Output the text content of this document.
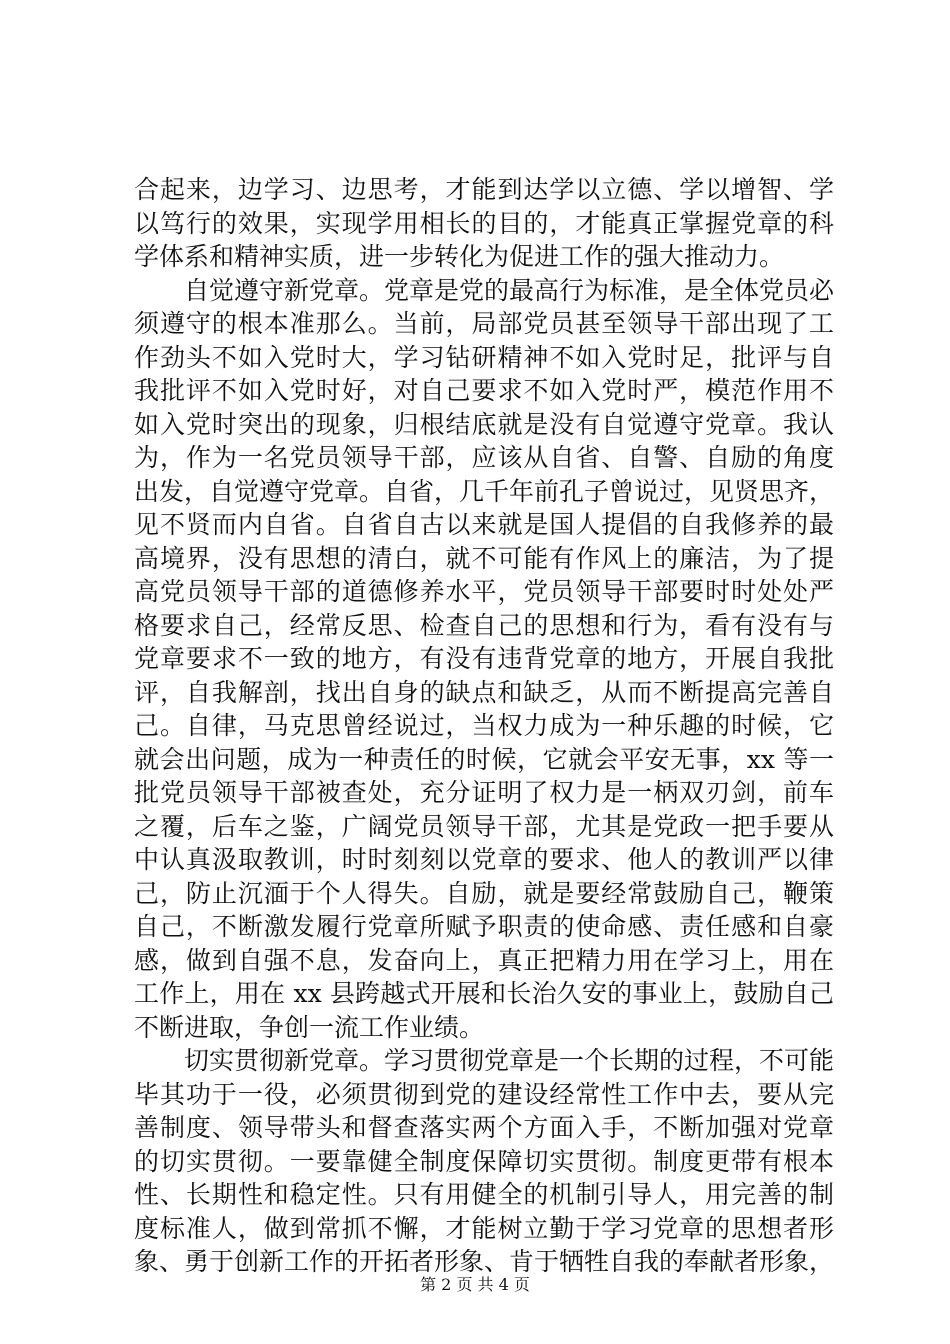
合起来，边学习、边思考，才能到达学以立德、学以增智、学
以笃行的效果，实现学用相长的目的，才能真正掌握党章的科
学体系和精神实质，进一步转化为促进工作的强大推动力。
自觉遵守新党章。党章是党的最高行为标准，是全体党员必
须遵守的根本准那么。当前，局部党员甚至领导干部出现了工
作劲头不如入党时大，学习钻研精神不如入党时足，批评与自
我批评不如入党时好，对自己要求不如入党时严，模范作用不
如入党时突出的现象，归根结底就是没有自觉遵守党章。我认
为，作为一名党员领导干部，应该从自省、自警、自励的角度
出发，自觉遵守党章。自省，几千年前孔子曾说过，见贤思齐，
见不贤而内自省。自省自古以来就是国人提倡的自我修养的最
高境界，没有思想的清白，就不可能有作风上的廉洁，为了提
高党员领导干部的道德修养水平，党员领导干部要时时处处严
格要求自己，经常反思、检查自己的思想和行为，看有没有与
党章要求不一致的地方，有没有违背党章的地方，开展自我批
评，自我解剖，找出自身的缺点和缺乏，从而不断提高完善自
己。自律，马克思曾经说过，当权力成为一种乐趣的时候，它
就会出问题，成为一种责任的时候，它就会平安无事，xx 等一
批党员领导干部被查处，充分证明了权力是一柄双刃剑，前车
之覆，后车之鉴，广阔党员领导干部，尤其是党政一把手要从
中认真汲取教训，时时刻刻以党章的要求、他人的教训严以律
己，防止沉湎于个人得失。自励，就是要经常鼓励自己，鞭策
自己，不断激发履行党章所赋予职责的使命感、责任感和自豪
感，做到自强不息，发奋向上，真正把精力用在学习上，用在
工作上，用在 xx 县跨越式开展和长治久安的事业上，鼓励自己
不断进取，争创一流工作业绩。
切实贯彻新党章。学习贯彻党章是一个长期的过程，不可能
毕其功于一役，必须贯彻到党的建设经常性工作中去，要从完
善制度、领导带头和督查落实两个方面入手，不断加强对党章
的切实贯彻。一要靠健全制度保障切实贯彻。制度更带有根本
性、长期性和稳定性。只有用健全的机制引导人，用完善的制
度标准人，做到常抓不懈，才能树立勤于学习党章的思想者形
象、勇于创新工作的开拓者形象、肯于牺牲自我的奉献者形象，
第 2 页 共 4 页
